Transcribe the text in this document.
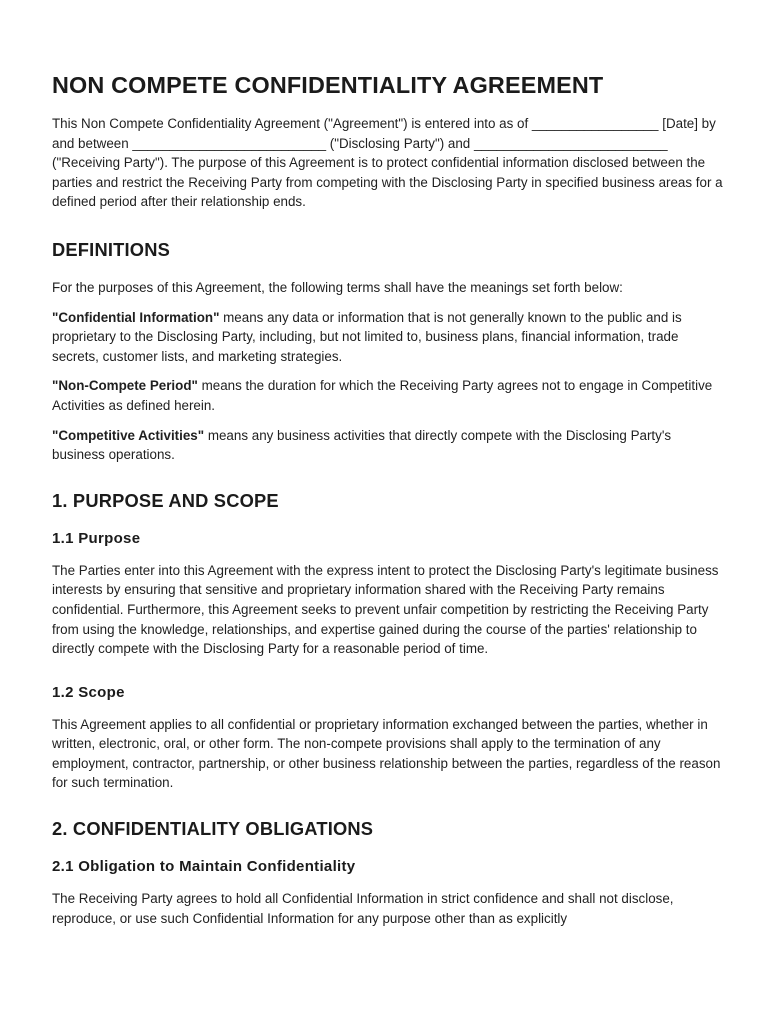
NON COMPETE CONFIDENTIALITY AGREEMENT

This Non Compete Confidentiality Agreement ("Agreement") is entered into as of _________________ [Date] by and between __________________________ ("Disclosing Party") and __________________________ ("Receiving Party"). The purpose of this Agreement is to protect confidential information disclosed between the parties and restrict the Receiving Party from competing with the Disclosing Party in specified business areas for a defined period after their relationship ends.

DEFINITIONS

For the purposes of this Agreement, the following terms shall have the meanings set forth below:

"Confidential Information" means any data or information that is not generally known to the public and is proprietary to the Disclosing Party, including, but not limited to, business plans, financial information, trade secrets, customer lists, and marketing strategies.

"Non-Compete Period" means the duration for which the Receiving Party agrees not to engage in Competitive Activities as defined herein.

"Competitive Activities" means any business activities that directly compete with the Disclosing Party's business operations.

1. PURPOSE AND SCOPE
1.1 Purpose

The Parties enter into this Agreement with the express intent to protect the Disclosing Party's legitimate business interests by ensuring that sensitive and proprietary information shared with the Receiving Party remains confidential. Furthermore, this Agreement seeks to prevent unfair competition by restricting the Receiving Party from using the knowledge, relationships, and expertise gained during the course of the parties' relationship to directly compete with the Disclosing Party for a reasonable period of time.

1.2 Scope

This Agreement applies to all confidential or proprietary information exchanged between the parties, whether in written, electronic, oral, or other form. The non-compete provisions shall apply to the termination of any employment, contractor, partnership, or other business relationship between the parties, regardless of the reason for such termination.

2. CONFIDENTIALITY OBLIGATIONS
2.1 Obligation to Maintain Confidentiality

The Receiving Party agrees to hold all Confidential Information in strict confidence and shall not disclose, reproduce, or use such Confidential Information for any purpose other than as explicitly
